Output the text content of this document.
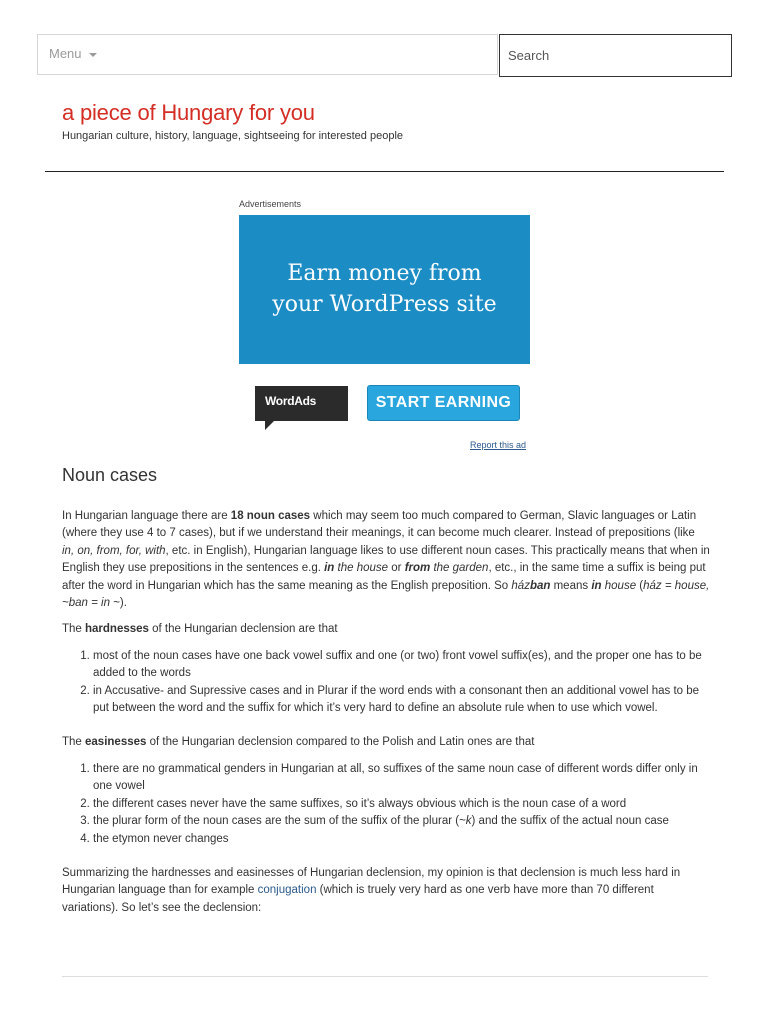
Menu
Search
a piece of Hungary for you
Hungarian culture, history, language, sightseeing for interested people
Advertisements
Earn money from
your WordPress site
WordAds	START EARNING
Report this ad
Noun cases

In Hungarian language there are 18 noun cases which may seem too much compared to German, Slavic languages or Latin (where they use 4 to 7 cases), but if we understand their meanings, it can become much clearer. Instead of prepositions (like in, on, from, for, with, etc. in English), Hungarian language likes to use different noun cases. This practically means that when in English they use prepositions in the sentences e.g. in the house or from the garden, etc., in the same time a suffix is being put after the word in Hungarian which has the same meaning as the English preposition. So házban means in house (ház = house, ~ban = in ~).

The hardnesses of the Hungarian declension are that

1. most of the noun cases have one back vowel suffix and one (or two) front vowel suffix(es), and the proper one has to be added to the words
2. in Accusative- and Supressive cases and in Plurar if the word ends with a consonant then an additional vowel has to be put between the word and the suffix for which it’s very hard to define an absolute rule when to use which vowel.

The easinesses of the Hungarian declension compared to the Polish and Latin ones are that

1. there are no grammatical genders in Hungarian at all, so suffixes of the same noun case of different words differ only in one vowel
2. the different cases never have the same suffixes, so it’s always obvious which is the noun case of a word
3. the plurar form of the noun cases are the sum of the suffix of the plurar (~k) and the suffix of the actual noun case
4. the etymon never changes

Summarizing the hardnesses and easinesses of Hungarian declension, my opinion is that declension is much less hard in Hungarian language than for example conjugation (which is truely very hard as one verb have more than 70 different variations). So let’s see the declension:
